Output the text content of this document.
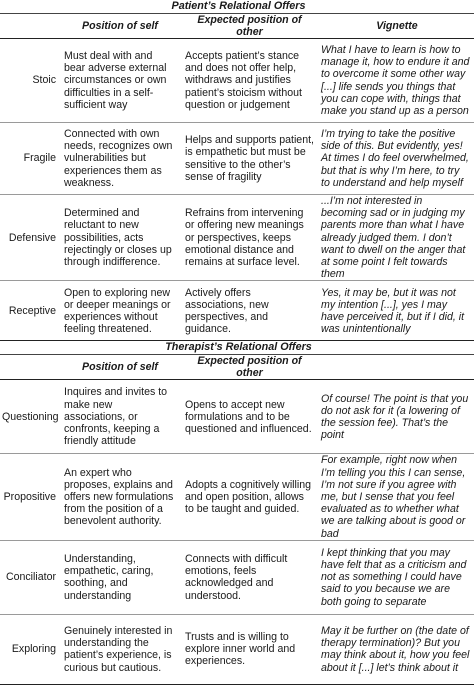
Patient’s Relational Offers			
	Position of self	Expected position of other	Vignette
Stoic	Must deal with and bear adverse external circumstances or own difficulties in a self-sufficient way	Accepts patient’s stance and does not offer help, withdraws and justifies patient’s stoicism without question or judgement	What I have to learn is how to manage it, how to endure it and to overcome it some other way [...] life sends you things that you can cope with, things that make you stand up as a person
Fragile	Connected with own needs, recognizes own vulnerabilities but experiences them as weakness.	Helps and supports patient, is empathetic but must be sensitive to the other’s sense of fragility	I’m trying to take the positive side of this. But evidently, yes! At times I do feel overwhelmed, but that is why I’m here, to try to understand and help myself
Defensive	Determined and reluctant to new possibilities, acts rejectingly or closes up through indifference.	Refrains from intervening or offering new meanings or perspectives, keeps emotional distance and remains at surface level.	...I’m not interested in becoming sad or in judging my parents more than what I have already judged them. I don’t want to dwell on the anger that at some point I felt towards them
Receptive	Open to exploring new or deeper meanings or experiences without feeling threatened.	Actively offers associations, new perspectives, and guidance.	Yes, it may be, but it was not my intention [...], yes I may have perceived it, but if I did, it was unintentionally
Therapist’s Relational Offers			
	Position of self	Expected position of other	
Questioning	Inquires and invites to make new associations, or confronts, keeping a friendly attitude	Opens to accept new formulations and to be questioned and influenced.	Of course! The point is that you do not ask for it (a lowering of the session fee). That’s the point
Propositive	An expert who proposes, explains and offers new formulations from the position of a benevolent authority.	Adopts a cognitively willing and open position, allows to be taught and guided.	For example, right now when I’m telling you this I can sense, I’m not sure if you agree with me, but I sense that you feel evaluated as to whether what we are talking about is good or bad
Conciliator	Understanding, empathetic, caring, soothing, and understanding	Connects with difficult emotions, feels acknowledged and understood.	I kept thinking that you may have felt that as a criticism and not as something I could have said to you because we are both going to separate
Exploring	Genuinely interested in understanding the patient’s experience, is curious but cautious.	Trusts and is willing to explore inner world and experiences.	May it be further on (the date of therapy termination)? But you may think about it, how you feel about it [...] let’s think about it
